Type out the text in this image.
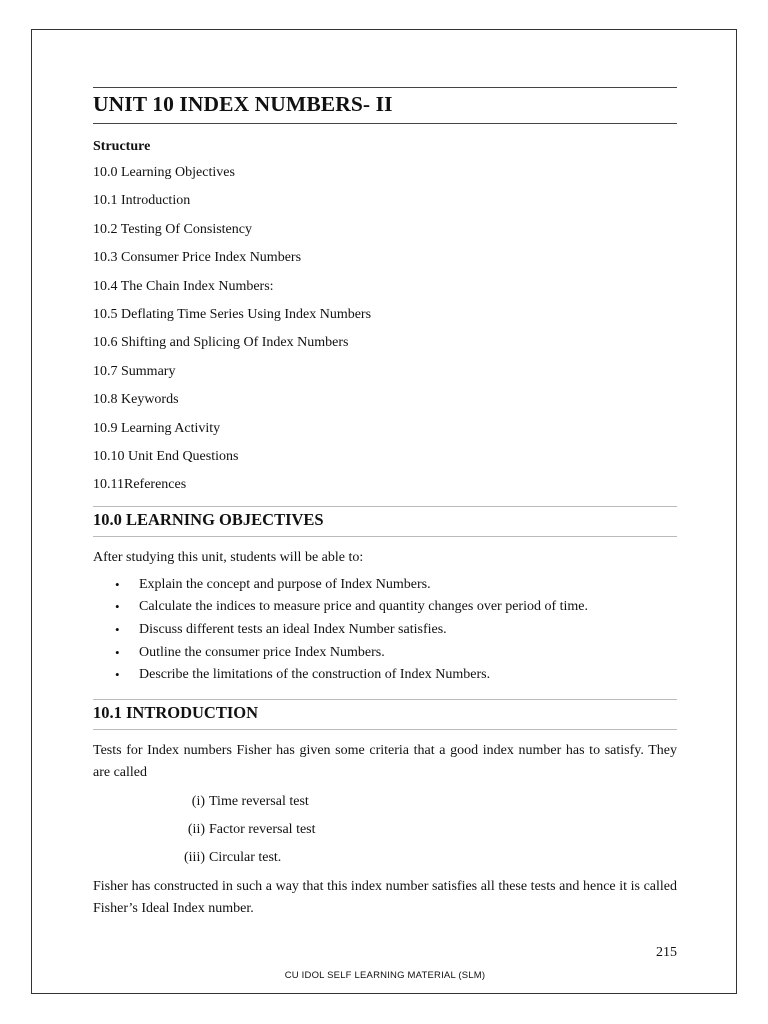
UNIT 10 INDEX NUMBERS- II
Structure
10.0 Learning Objectives
10.1 Introduction
10.2 Testing Of Consistency
10.3 Consumer Price Index Numbers
10.4 The Chain Index Numbers:
10.5 Deflating Time Series Using Index Numbers
10.6 Shifting and Splicing Of Index Numbers
10.7 Summary
10.8 Keywords
10.9 Learning Activity
10.10 Unit End Questions
10.11References
10.0 LEARNING OBJECTIVES

After studying this unit, students will be able to:

• Explain the concept and purpose of Index Numbers.
• Calculate the indices to measure price and quantity changes over period of time.
• Discuss different tests an ideal Index Number satisfies.
• Outline the consumer price Index Numbers.
• Describe the limitations of the construction of Index Numbers.
10.1 INTRODUCTION

Tests for Index numbers Fisher has given some criteria that a good index number has to satisfy. They are called

(i) Time reversal test
(ii) Factor reversal test
(iii) Circular test.

Fisher has constructed in such a way that this index number satisfies all these tests and hence it is called Fisher’s Ideal Index number.

215
CU IDOL SELF LEARNING MATERIAL (SLM)
